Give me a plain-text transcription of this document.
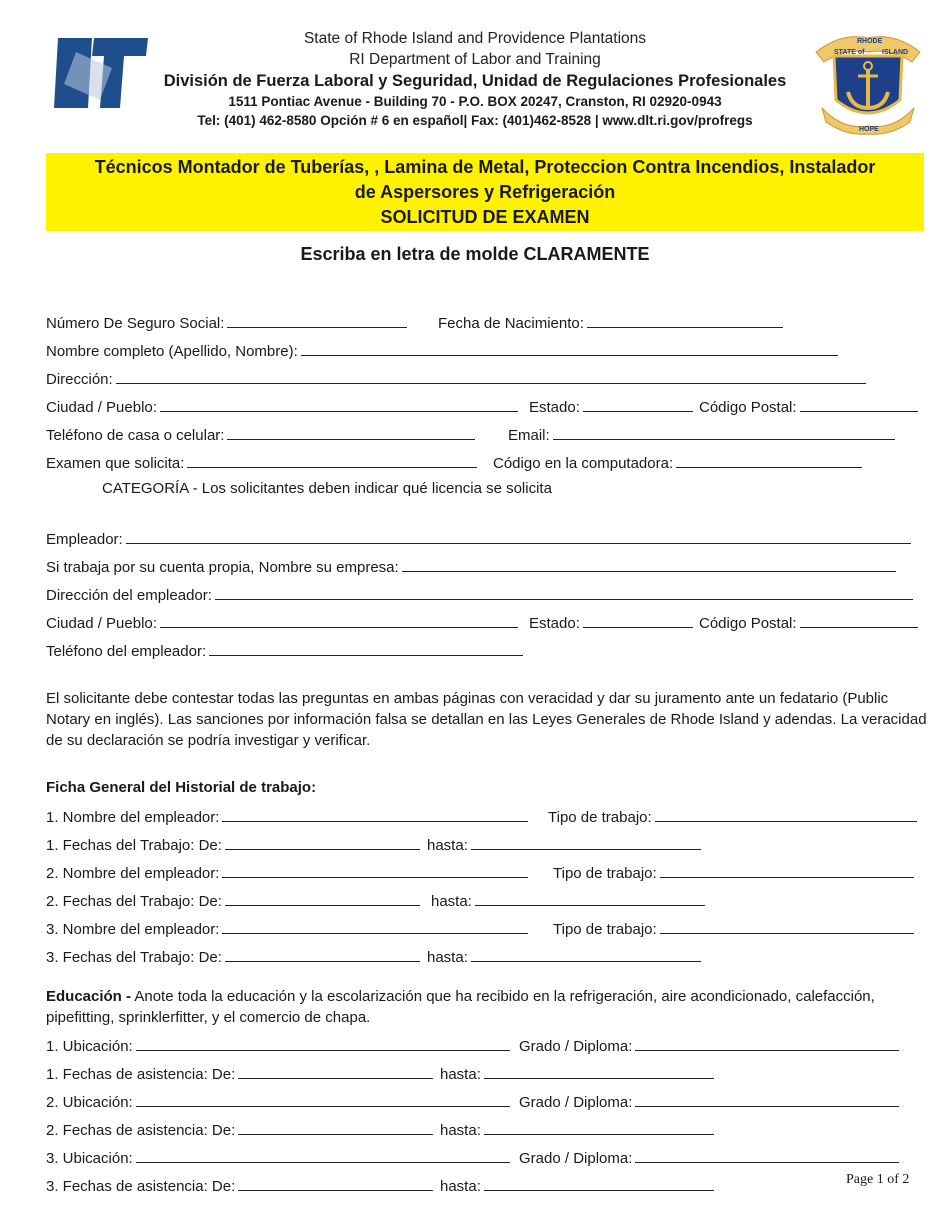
STATE of
RHODE
ISLAND
HOPE
State of Rhode Island and Providence Plantations
RI Department of Labor and Training
División de Fuerza Laboral y Seguridad, Unidad de Regulaciones Profesionales
1511 Pontiac Avenue - Building 70 - P.O. BOX 20247, Cranston, RI 02920-0943
Tel: (401) 462-8580 Opción # 6 en español| Fax: (401)462-8528 | www.dlt.ri.gov/profregs
Técnicos Montador de Tuberías, , Lamina de Metal, Proteccion Contra Incendios, Instalador
de Aspersores y Refrigeración
SOLICITUD DE EXAMEN
Escriba en letra de molde CLARAMENTE
Número De Seguro Social:	Fecha de Nacimiento:
Nombre completo (Apellido, Nombre):
Dirección:
Ciudad / Pueblo:	Estado:	Código Postal:
Teléfono de casa o celular:	Email:
Examen que solicita:	Código en la computadora:
CATEGORÍA - Los solicitantes deben indicar qué licencia se solicita
Empleador:
Si trabaja por su cuenta propia, Nombre su empresa:
Dirección del empleador:
Ciudad / Pueblo:	Estado:	Código Postal:
Teléfono del empleador:
El solicitante debe contestar todas las preguntas en ambas páginas con veracidad y dar su juramento ante un fedatario (Public Notary en inglés). Las sanciones por información falsa se detallan en las Leyes Generales de Rhode Island y adendas. La veracidad de su declaración se podría investigar y verificar.
Ficha General del Historial de trabajo:
1. Nombre del empleador:	Tipo de trabajo:
1. Fechas del Trabajo: De:	hasta:
2. Nombre del empleador:	Tipo de trabajo:
2. Fechas del Trabajo: De:	hasta:
3. Nombre del empleador:	Tipo de trabajo:
3. Fechas del Trabajo: De:	hasta:
Educación - Anote toda la educación y la escolarización que ha recibido en la refrigeración, aire acondicionado, calefacción, pipefitting, sprinklerfitter, y el comercio de chapa.
1. Ubicación:	Grado / Diploma:
1. Fechas de asistencia: De:	hasta:
2. Ubicación:	Grado / Diploma:
2. Fechas de asistencia: De:	hasta:
3. Ubicación:	Grado / Diploma:
3. Fechas de asistencia: De:	hasta:	Page 1 of 2
